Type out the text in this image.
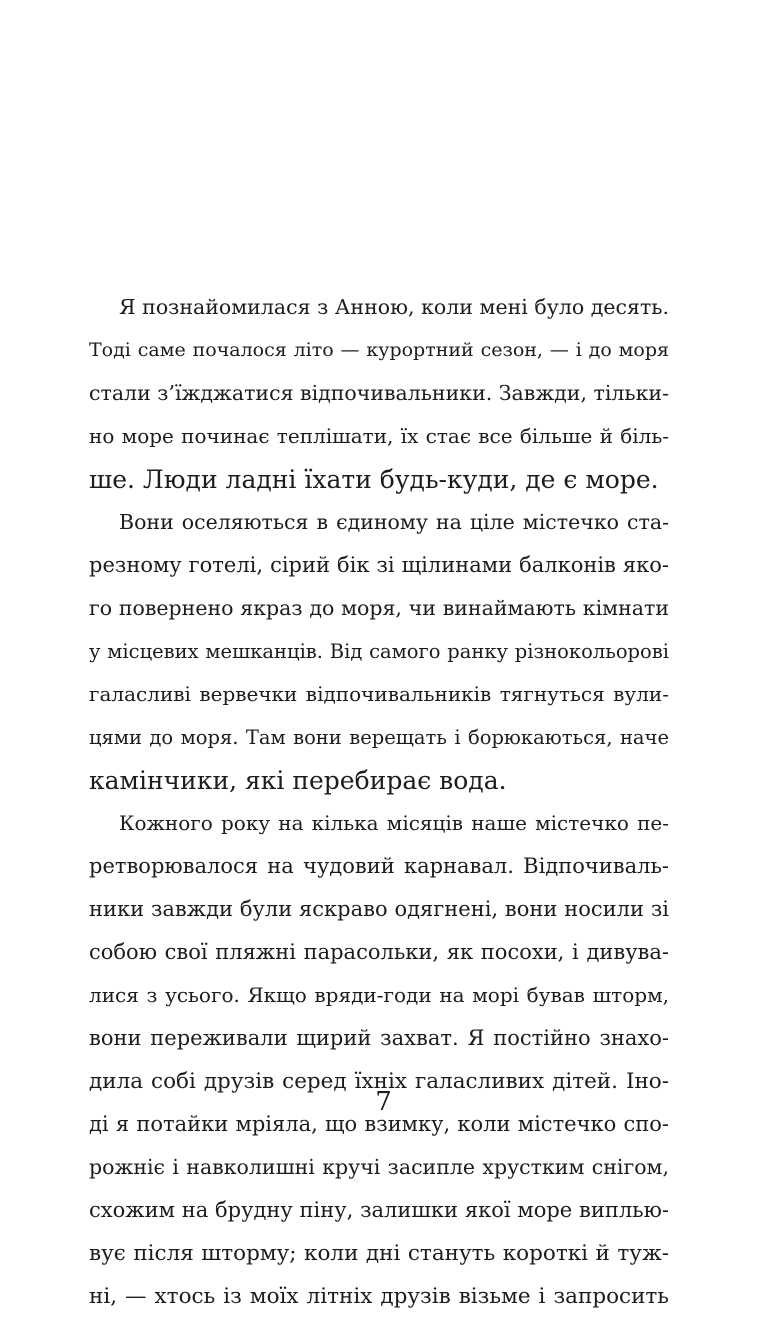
Я познайомилася з Анною, коли мені було десять.
Тоді саме почалося літо — курортний сезон, — і до моря
стали з’їжджатися відпочивальники. Завжди, тільки-
но море починає теплішати, їх стає все більше й біль-
ше. Люди ладні їхати будь-куди, де є море.
Вони оселяються в єдиному на ціле містечко ста-
резному готелі, сірий бік зі щілинами балконів яко-
го повернено якраз до моря, чи винаймають кімнати
у місцевих мешканців. Від самого ранку різнокольорові
галасливі вервечки відпочивальників тягнуться вули-
цями до моря. Там вони верещать і борюкаються, наче
камінчики, які перебирає вода.
Кожного року на кілька місяців наше містечко пе-
ретворювалося на чудовий карнавал. Відпочиваль-
ники завжди були яскраво одягнені, вони носили зі
собою свої пляжні парасольки, як посохи, і дивува-
лися з усього. Якщо вряди-годи на морі бував шторм,
вони переживали щирий захват. Я постійно знахо-
дила собі друзів серед їхніх галасливих дітей. Іно-
ді я потайки мріяла, що взимку, коли містечко спо-
рожніє і навколишні кручі засипле хрустким снігом,
схожим на брудну піну, залишки якої море виплью-
вує після шторму; коли дні стануть короткі й туж-
ні, — хтось із моїх літніх друзів візьме і запросить
7
